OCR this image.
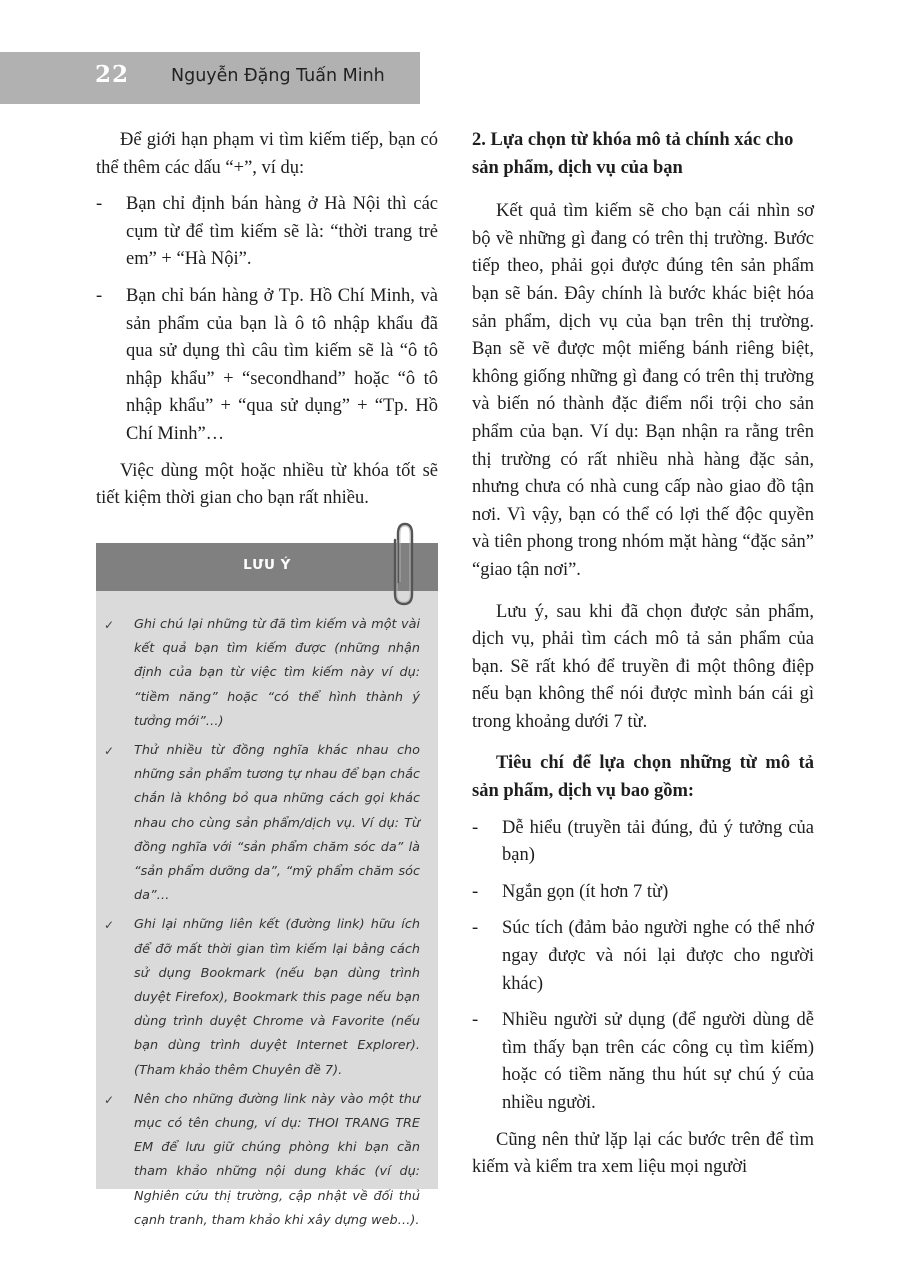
22 Nguyễn Đặng Tuấn Minh

Để giới hạn phạm vi tìm kiếm tiếp, bạn có thể thêm các dấu “+”, ví dụ:

- Bạn chỉ định bán hàng ở Hà Nội thì các cụm từ để tìm kiếm sẽ là: “thời trang trẻ em” + “Hà Nội”.
- Bạn chỉ bán hàng ở Tp. Hồ Chí Minh, và sản phẩm của bạn là ô tô nhập khẩu đã qua sử dụng thì câu tìm kiếm sẽ là “ô tô nhập khẩu” + “secondhand” hoặc “ô tô nhập khẩu” + “qua sử dụng” + “Tp. Hồ Chí Minh”…

Việc dùng một hoặc nhiều từ khóa tốt sẽ tiết kiệm thời gian cho bạn rất nhiều.

LƯU Ý
✓ Ghi chú lại những từ đã tìm kiếm và một vài kết quả bạn tìm kiếm được (những nhận định của bạn từ việc tìm kiếm này ví dụ: “tiềm năng” hoặc “có thể hình thành ý tưởng mới”…)
✓ Thử nhiều từ đồng nghĩa khác nhau cho những sản phẩm tương tự nhau để bạn chắc chắn là không bỏ qua những cách gọi khác nhau cho cùng sản phẩm/dịch vụ. Ví dụ: Từ đồng nghĩa với “sản phẩm chăm sóc da” là “sản phẩm dưỡng da”, “mỹ phẩm chăm sóc da”…
✓ Ghi lại những liên kết (đường link) hữu ích để đỡ mất thời gian tìm kiếm lại bằng cách sử dụng Bookmark (nếu bạn dùng trình duyệt Firefox), Bookmark this page nếu bạn dùng trình duyệt Chrome và Favorite (nếu bạn dùng trình duyệt Internet Explorer). (Tham khảo thêm Chuyên đề 7).
✓ Nên cho những đường link này vào một thư mục có tên chung, ví dụ: THOI TRANG TRE EM để lưu giữ chúng phòng khi bạn cần tham khảo những nội dung khác (ví dụ: Nghiên cứu thị trường, cập nhật về đối thủ cạnh tranh, tham khảo khi xây dựng web…).

2. Lựa chọn từ khóa mô tả chính xác cho sản phẩm, dịch vụ của bạn

Kết quả tìm kiếm sẽ cho bạn cái nhìn sơ bộ về những gì đang có trên thị trường. Bước tiếp theo, phải gọi được đúng tên sản phẩm bạn sẽ bán. Đây chính là bước khác biệt hóa sản phẩm, dịch vụ của bạn trên thị trường. Bạn sẽ vẽ được một miếng bánh riêng biệt, không giống những gì đang có trên thị trường và biến nó thành đặc điểm nổi trội cho sản phẩm của bạn. Ví dụ: Bạn nhận ra rằng trên thị trường có rất nhiều nhà hàng đặc sản, nhưng chưa có nhà cung cấp nào giao đồ tận nơi. Vì vậy, bạn có thể có lợi thế độc quyền và tiên phong trong nhóm mặt hàng “đặc sản” “giao tận nơi”.

Lưu ý, sau khi đã chọn được sản phẩm, dịch vụ, phải tìm cách mô tả sản phẩm của bạn. Sẽ rất khó để truyền đi một thông điệp nếu bạn không thể nói được mình bán cái gì trong khoảng dưới 7 từ.

Tiêu chí để lựa chọn những từ mô tả sản phẩm, dịch vụ bao gồm:

- Dễ hiểu (truyền tải đúng, đủ ý tưởng của bạn)
- Ngắn gọn (ít hơn 7 từ)
- Súc tích (đảm bảo người nghe có thể nhớ ngay được và nói lại được cho người khác)
- Nhiều người sử dụng (để người dùng dễ tìm thấy bạn trên các công cụ tìm kiếm) hoặc có tiềm năng thu hút sự chú ý của nhiều người.

Cũng nên thử lặp lại các bước trên để tìm kiếm và kiểm tra xem liệu mọi người
